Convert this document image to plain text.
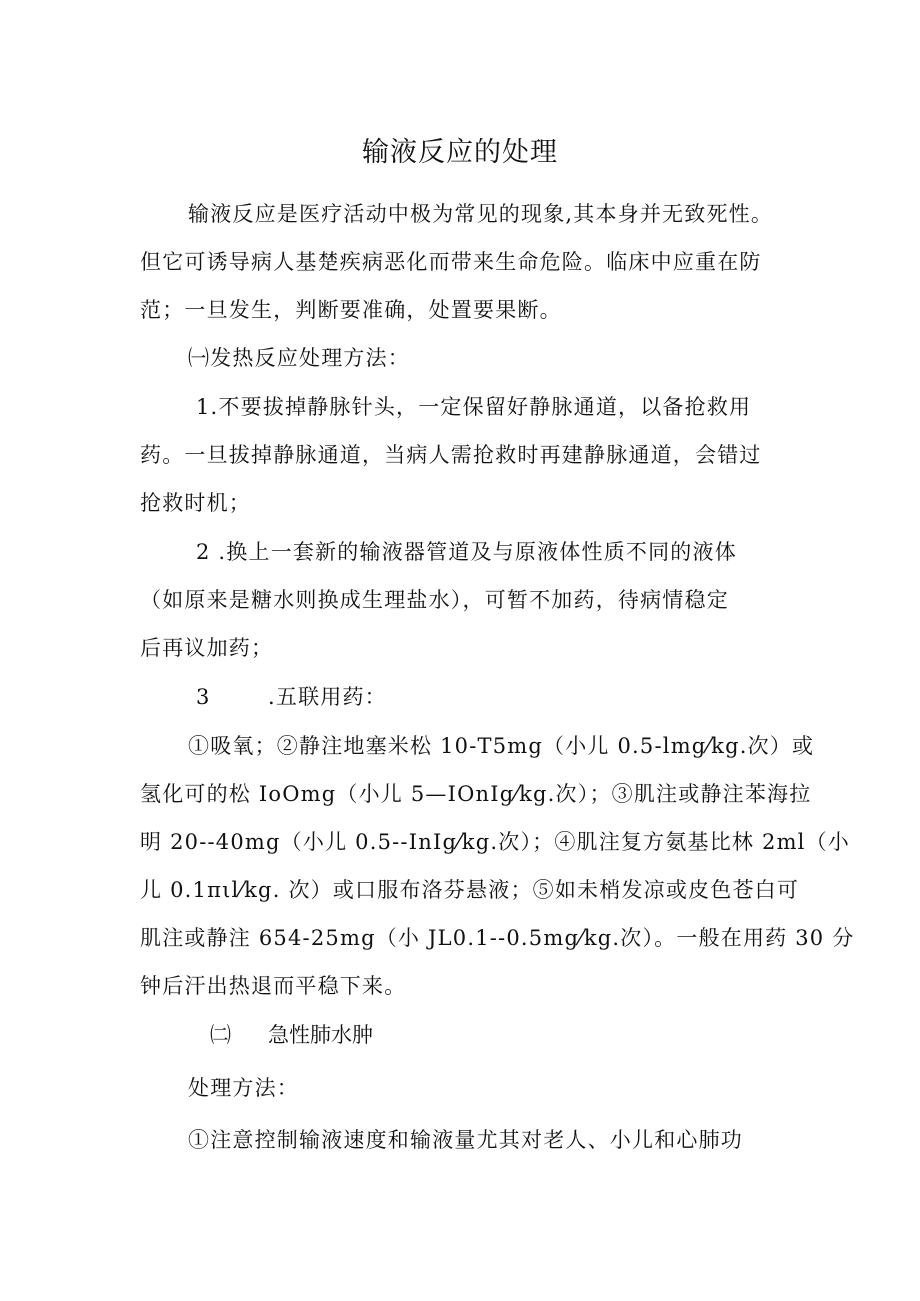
输液反应的处理
输液反应是医疗活动中极为常见的现象,其本身并无致死性。
但它可诱导病人基楚疾病恶化而带来生命危险。临床中应重在防
范；一旦发生，判断要准确，处置要果断。
㈠发热反应处理方法：
1.不要拔掉静脉针头，一定保留好静脉通道，以备抢救用
药。一旦拔掉静脉通道，当病人需抢救时再建静脉通道，会错过
抢救时机；
2 .换上一套新的输液器管道及与原液体性质不同的液体
（如原来是糖水则换成生理盐水），可暂不加药，待病情稳定
后再议加药；
3	.五联用药：
①吸氧；②静注地塞米松 10-T5mg（小儿 0.5-lmg⁄kg.次）或
氢化可的松 IoOmg（小儿 5—IOnIg⁄kg.次）；③肌注或静注苯海拉
明 20--40mg（小儿 0.5--InIg⁄kg.次）；④肌注复方氨基比林 2ml（小
儿 0.1πιl⁄kg. 次）或口服布洛芬悬液；⑤如未梢发凉或皮色苍白可
肌注或静注 654-25mg（小 JL0.1--0.5mg⁄kg.次）。一般在用药 30 分
钟后汗出热退而平稳下来。
㈡ 急性肺水肿
处理方法：
①注意控制输液速度和输液量尤其对老人、小儿和心肺功
